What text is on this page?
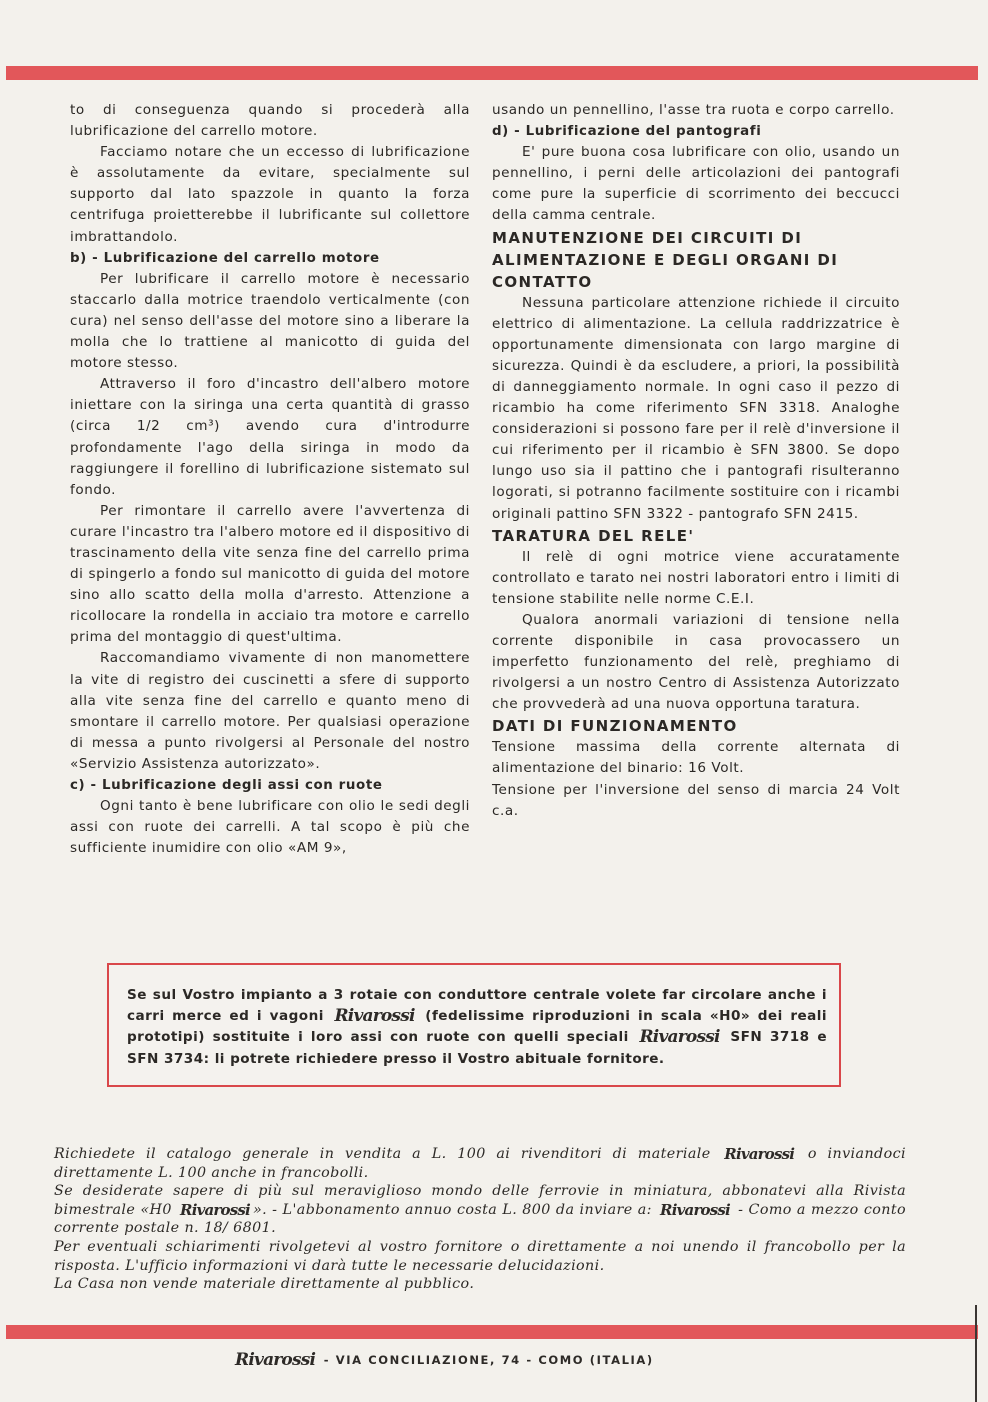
to di conseguenza quando si procederà alla lubrificazione del carrello motore.

Facciamo notare che un eccesso di lubrificazione è assolutamente da evitare, specialmente sul supporto dal lato spazzole in quanto la forza centrifuga proietterebbe il lubrificante sul collettore imbrattandolo.

b) - Lubrificazione del carrello motore

Per lubrificare il carrello motore è necessario staccarlo dalla motrice traendolo verticalmente (con cura) nel senso dell'asse del motore sino a liberare la molla che lo trattiene al manicotto di guida del motore stesso.

Attraverso il foro d'incastro dell'albero motore iniettare con la siringa una certa quantità di grasso (circa 1/2 cm³) avendo cura d'introdurre profondamente l'ago della siringa in modo da raggiungere il forellino di lubrificazione sistemato sul fondo.

Per rimontare il carrello avere l'avvertenza di curare l'incastro tra l'albero motore ed il dispositivo di trascinamento della vite senza fine del carrello prima di spingerlo a fondo sul manicotto di guida del motore sino allo scatto della molla d'arresto. Attenzione a ricollocare la rondella in acciaio tra motore e carrello prima del montaggio di quest'ultima.

Raccomandiamo vivamente di non manomettere la vite di registro dei cuscinetti a sfere di supporto alla vite senza fine del carrello e quanto meno di smontare il carrello motore. Per qualsiasi operazione di messa a punto rivolgersi al Personale del nostro «Servizio Assistenza autorizzato».

c) - Lubrificazione degli assi con ruote

Ogni tanto è bene lubrificare con olio le sedi degli assi con ruote dei carrelli. A tal scopo è più che sufficiente inumidire con olio «AM 9»,

usando un pennellino, l'asse tra ruota e corpo carrello.

d) - Lubrificazione del pantografi

E' pure buona cosa lubrificare con olio, usando un pennellino, i perni delle articolazioni dei pantografi come pure la superficie di scorrimento dei beccucci della camma centrale.

MANUTENZIONE DEI CIRCUITI DI ALIMENTAZIONE E DEGLI ORGANI DI CONTATTO

Nessuna particolare attenzione richiede il circuito elettrico di alimentazione. La cellula raddrizzatrice è opportunamente dimensionata con largo margine di sicurezza. Quindi è da escludere, a priori, la possibilità di danneggiamento normale. In ogni caso il pezzo di ricambio ha come riferimento SFN 3318. Analoghe considerazioni si possono fare per il relè d'inversione il cui riferimento per il ricambio è SFN 3800. Se dopo lungo uso sia il pattino che i pantografi risulteranno logorati, si potranno facilmente sostituire con i ricambi originali pattino SFN 3322 - pantografo SFN 2415.

TARATURA DEL RELE'

Il relè di ogni motrice viene accuratamente controllato e tarato nei nostri laboratori entro i limiti di tensione stabilite nelle norme C.E.I.

Qualora anormali variazioni di tensione nella corrente disponibile in casa provocassero un imperfetto funzionamento del relè, preghiamo di rivolgersi a un nostro Centro di Assistenza Autorizzato che provvederà ad una nuova opportuna taratura.

DATI DI FUNZIONAMENTO

Tensione massima della corrente alternata di alimentazione del binario: 16 Volt.

Tensione per l'inversione del senso di marcia 24 Volt c.a.

Se sul Vostro impianto a 3 rotaie con conduttore centrale volete far circolare anche i carri merce ed i vagoni Rivarossi (fedelissime riproduzioni in scala «H0» dei reali prototipi) sostituite i loro assi con ruote con quelli speciali Rivarossi SFN 3718 e SFN 3734: li potrete richiedere presso il Vostro abituale fornitore.

Richiedete il catalogo generale in vendita a L. 100 ai rivenditori di materiale Rivarossi o inviandoci direttamente L. 100 anche in francobolli.

Se desiderate sapere di più sul meraviglioso mondo delle ferrovie in miniatura, abbonatevi alla Rivista bimestrale «H0 Rivarossi ». - L'abbonamento annuo costa L. 800 da inviare a: Rivarossi - Como a mezzo conto corrente postale n. 18/ 6801.

Per eventuali schiarimenti rivolgetevi al vostro fornitore o direttamente a noi unendo il francobollo per la risposta. L'ufficio informazioni vi darà tutte le necessarie delucidazioni.

La Casa non vende materiale direttamente al pubblico.

Rivarossi - VIA CONCILIAZIONE, 74 - COMO (ITALIA)
